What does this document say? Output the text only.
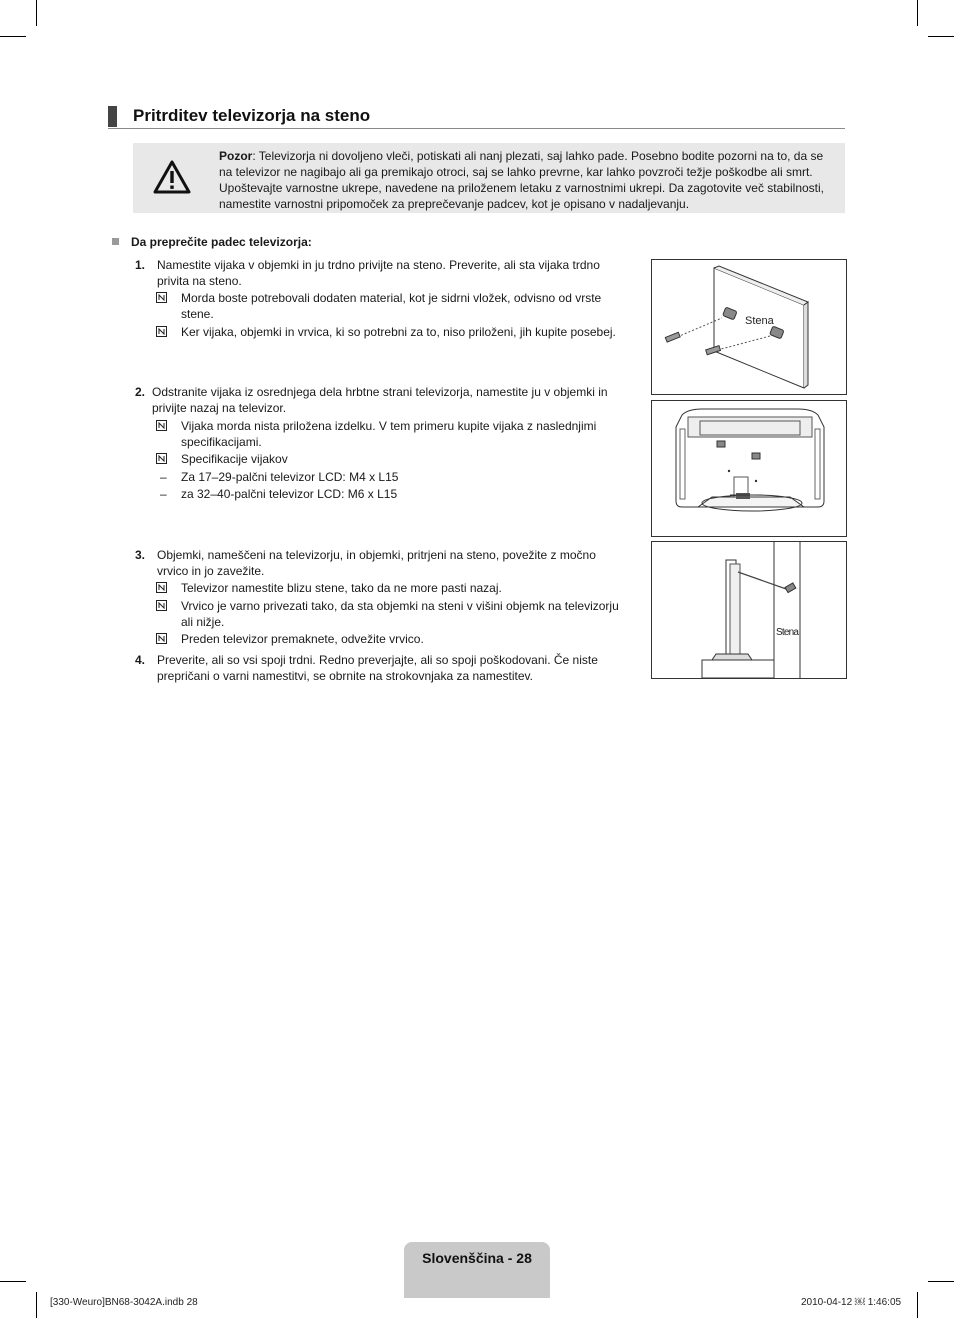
Pritrditev televizorja na steno
Pozor: Televizorja ni dovoljeno vleči, potiskati ali nanj plezati, saj lahko pade. Posebno bodite pozorni na to, da se na televizor ne nagibajo ali ga premikajo otroci, saj se lahko prevrne, kar lahko povzroči težje poškodbe ali smrt. Upoštevajte varnostne ukrepe, navedene na priloženem letaku z varnostnimi ukrepi. Da zagotovite več stabilnosti, namestite varnostni pripomoček za preprečevanje padcev, kot je opisano v nadaljevanju.
Da preprečite padec televizorja:
1. Namestite vijaka v objemki in ju trdno privijte na steno. Preverite, ali sta vijaka trdno privita na steno.
Morda boste potrebovali dodaten material, kot je sidrni vložek, odvisno od vrste stene.
Ker vijaka, objemki in vrvica, ki so potrebni za to, niso priloženi, jih kupite posebej.
2. Odstranite vijaka iz osrednjega dela hrbtne strani televizorja, namestite ju v objemki in privijte nazaj na televizor.
Vijaka morda nista priložena izdelku. V tem primeru kupite vijaka z naslednjimi specifikacijami.
Specifikacije vijakov
– Za 17–29-palčni televizor LCD: M4 x L15
– za 32–40-palčni televizor LCD: M6 x L15
3. Objemki, nameščeni na televizorju, in objemki, pritrjeni na steno, povežite z močno vrvico in jo zavežite.
Televizor namestite blizu stene, tako da ne more pasti nazaj.
Vrvico je varno privezati tako, da sta objemki na steni v višini objemk na televizorju ali nižje.
Preden televizor premaknete, odvežite vrvico.
4. Preverite, ali so vsi spoji trdni. Redno preverjajte, ali so spoji poškodovani. Če niste prepričani o varni namestitvi, se obrnite na strokovnjaka za namestitev.
Stena
Stena
Slovenščina - 28
[330-Weuro]BN68-3042A.indb 28	2010-04-12 ￼ 1:46:05
